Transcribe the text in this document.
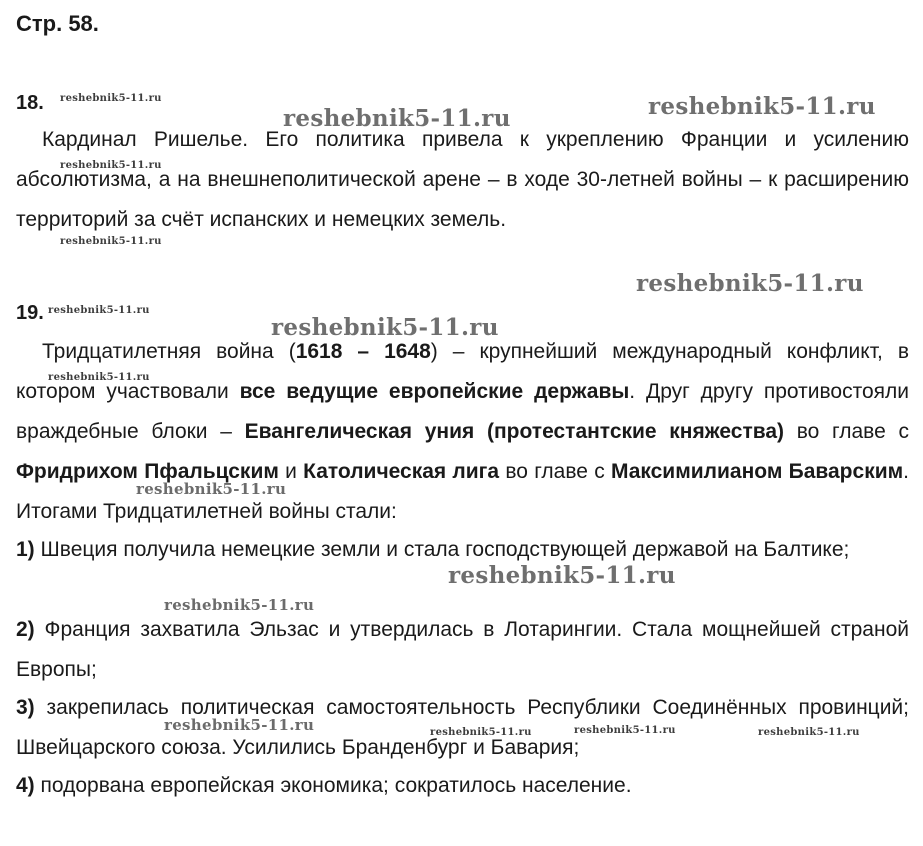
Стр. 58.
18.

Кардинал Ришелье. Его политика привела к укреплению Франции и усилению абсолютизма, а на внешнеполитической арене – в ходе 30-летней войны – к расширению территорий за счёт испанских и немецких земель.

19.

Тридцатилетняя война (1618 – 1648) – крупнейший международный конфликт, в котором участвовали все ведущие европейские державы. Друг другу противостояли враждебные блоки – Евангелическая уния (протестантские княжества) во главе с Фридрихом Пфальцским и Католическая лига во главе с Максимилианом Баварским. Итогами Тридцатилетней войны стали:

1) Швеция получила немецкие земли и стала господствующей державой на Балтике;

2) Франция захватила Эльзас и утвердилась в Лотарингии. Стала мощнейшей страной Европы;

3) закрепилась политическая самостоятельность Республики Соединённых провинций; Швейцарского союза. Усилились Бранденбург и Бавария;

4) подорвана европейская экономика; сократилось население.

reshebnik5-11.ru
reshebnik5-11.ru	reshebnik5-11.ru
reshebnik5-11.ru
reshebnik5-11.ru
reshebnik5-11.ru
reshebnik5-11.ru
reshebnik5-11.ru
reshebnik5-11.ru
reshebnik5-11.ru
reshebnik5-11.ru
reshebnik5-11.ru
reshebnik5-11.ru	reshebnik5-11.ru	reshebnik5-11.ru	reshebnik5-11.ru
